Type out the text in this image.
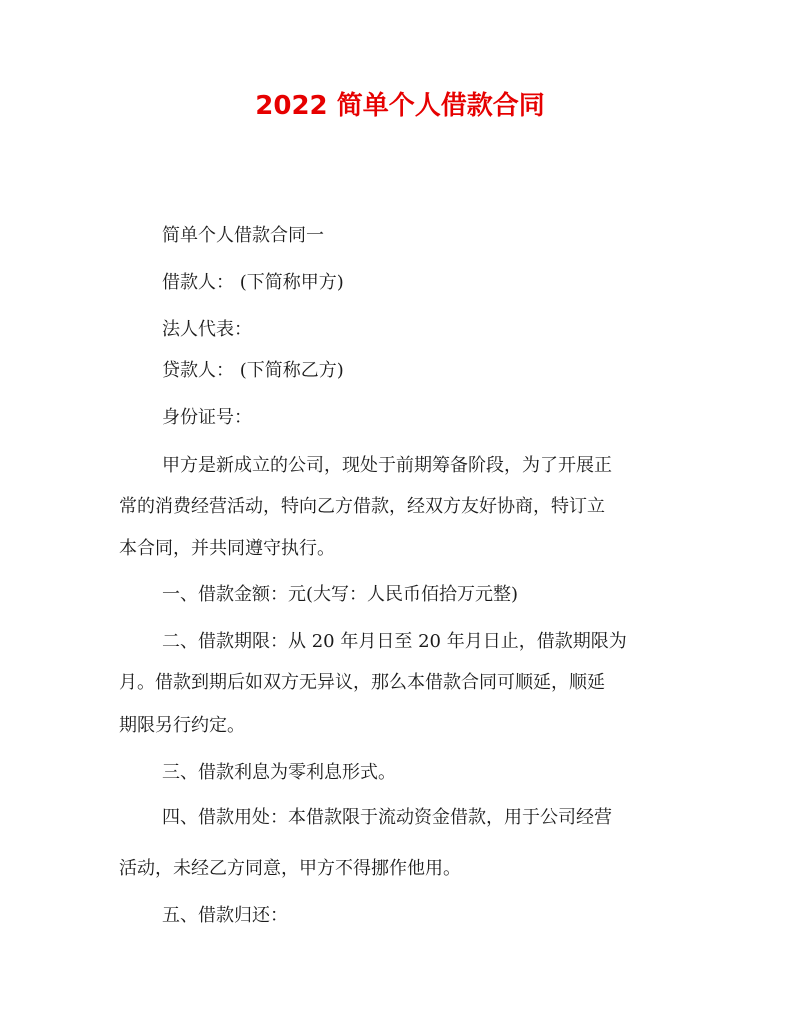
2022 简单个人借款合同

简单个人借款合同一

借款人： (下简称甲方)

法人代表：

贷款人： (下简称乙方)

身份证号：

甲方是新成立的公司，现处于前期筹备阶段，为了开展正

常的消费经营活动，特向乙方借款，经双方友好协商，特订立

本合同，并共同遵守执行。

一、借款金额：元(大写：人民币佰拾万元整)

二、借款期限：从 20 年月日至 20 年月日止，借款期限为

月。借款到期后如双方无异议，那么本借款合同可顺延，顺延

期限另行约定。

三、借款利息为零利息形式。

四、借款用处：本借款限于流动资金借款，用于公司经营

活动，未经乙方同意，甲方不得挪作他用。

五、借款归还：
